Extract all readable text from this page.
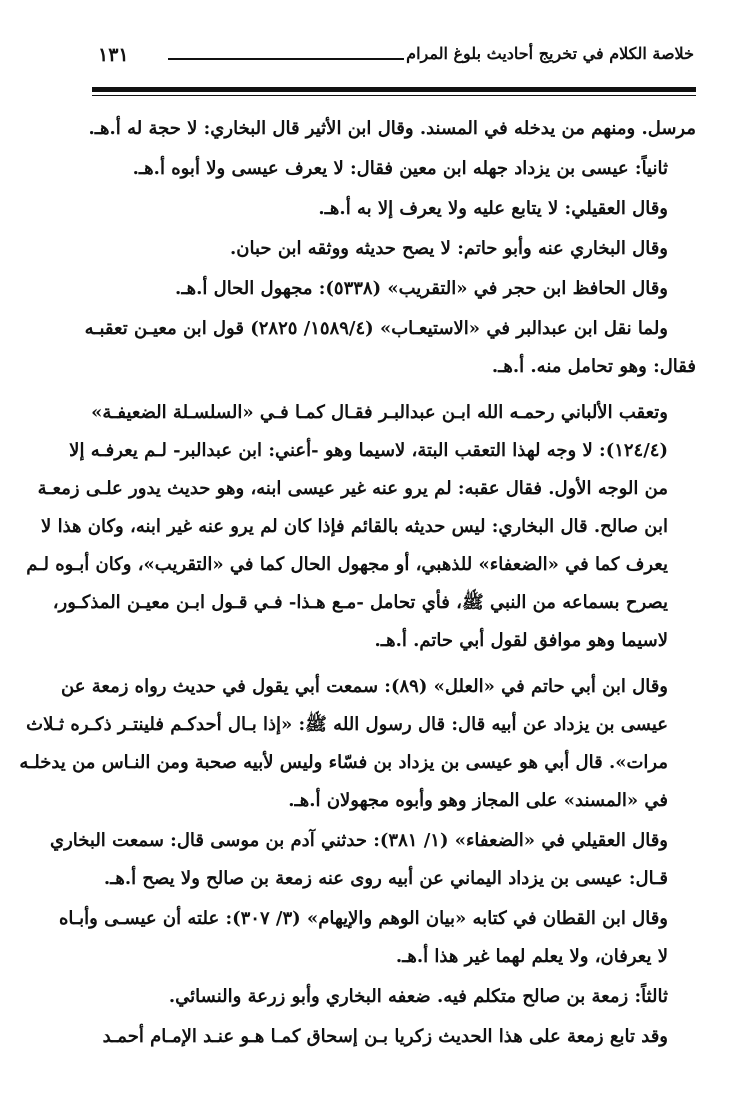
١٣١	خلاصة الكلام في تخريج أحاديث بلوغ المرام

مرسل. ومنهم من يدخله في المسند. وقال ابن الأثير قال البخاري: لا حجة له أ.هـ.

ثانياً: عيسى بن يزداد جهله ابن معين فقال: لا يعرف عيسى ولا أبوه أ.هـ.

وقال العقيلي: لا يتابع عليه ولا يعرف إلا به أ.هـ.

وقال البخاري عنه وأبو حاتم: لا يصح حديثه ووثقه ابن حبان.

وقال الحافظ ابن حجر في «التقريب» (٥٣٣٨): مجهول الحال أ.هـ.

ولما نقل ابن عبدالبر في «الاستيعـاب» (١٥٨٩/٤/ ٢٨٢٥) قول ابن معيـن تعقبـه
فقال: وهو تحامل منه. أ.هـ.

وتعقب الألباني رحمـه الله ابـن عبدالبـر فقـال كمـا فـي «السلسـلة الضعيفـة»
(١٢٤/٤): لا وجه لهذا التعقب البتة، لاسيما وهو -أعني: ابن عبدالبر- لـم يعرفـه إلا
من الوجه الأول. فقال عقبه: لم يرو عنه غير عيسى ابنه، وهو حديث يدور علـى زمعـة
ابن صالح. قال البخاري: ليس حديثه بالقائم فإذا كان لم يرو عنه غير ابنه، وكان هذا لا
يعرف كما في «الضعفاء» للذهبي، أو مجهول الحال كما في «التقريب»، وكان أبـوه لـم
يصرح بسماعه من النبي ﷺ، فأي تحامل -مـع هـذا- فـي قـول ابـن معيـن المذكـور،
لاسيما وهو موافق لقول أبي حاتم. أ.هـ.

وقال ابن أبي حاتم في «العلل» (٨٩): سمعت أبي يقول في حديث رواه زمعة عن
عيسى بن يزداد عن أبيه قال: قال رسول الله ﷺ: «إذا بـال أحدكـم فلينتـر ذكـره ثـلاث
مرات». قال أبي هو عيسى بن يزداد بن فسّاء وليس لأبيه صحبة ومن النـاس من يدخلـه
في «المسند» على المجاز وهو وأبوه مجهولان أ.هـ.

وقال العقيلي في «الضعفاء» (١/ ٣٨١): حدثني آدم بن موسى قال: سمعت البخاري
قـال: عيسى بن يزداد اليماني عن أبيه روى عنه زمعة بن صالح ولا يصح أ.هـ.

وقال ابن القطان في كتابه «بيان الوهم والإيهام» (٣/ ٣٠٧): علته أن عيسـى وأبـاه
لا يعرفان، ولا يعلم لهما غير هذا أ.هـ.

ثالثاً: زمعة بن صالح متكلم فيه. ضعفه البخاري وأبو زرعة والنسائي.

وقد تابع زمعة على هذا الحديث زكريا بـن إسحاق كمـا هـو عنـد الإمـام أحمـد
